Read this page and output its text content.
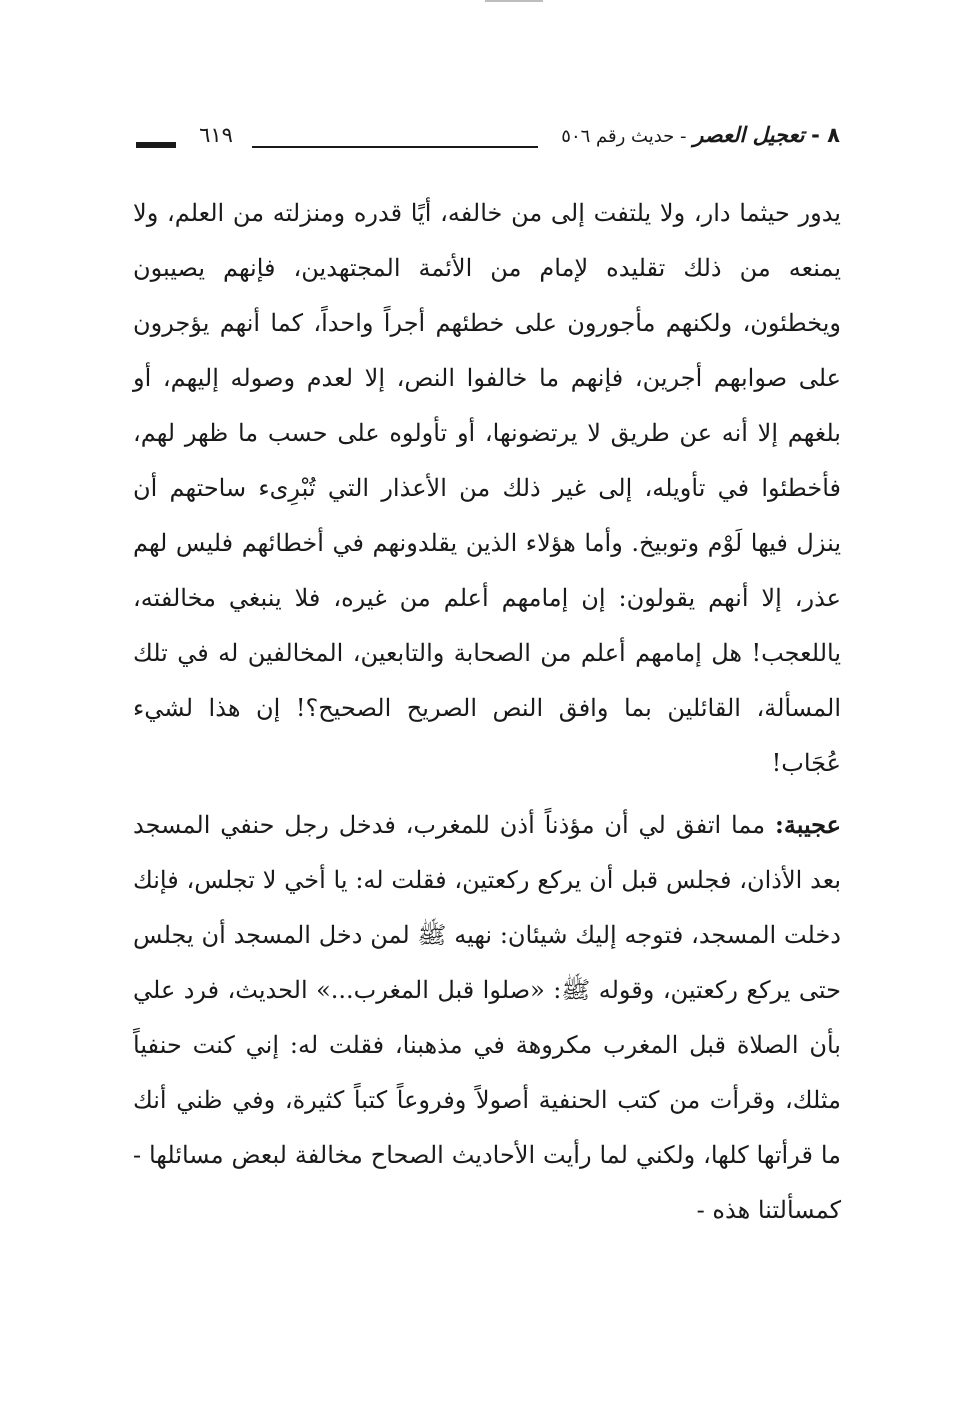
٨ - تعجيل العصر - حديث رقم ٥٠٦
٦١٩

يدور حيثما دار، ولا يلتفت إلى من خالفه، أيًا قدره ومنزلته من العلم، ولا يمنعه من ذلك تقليده لإمام من الأئمة المجتهدين، فإنهم يصيبون ويخطئون، ولكنهم مأجورون على خطئهم أجراً واحداً، كما أنهم يؤجرون على صوابهم أجرين، فإنهم ما خالفوا النص، إلا لعدم وصوله إليهم، أو بلغهم إلا أنه عن طريق لا يرتضونها، أو تأولوه على حسب ما ظهر لهم، فأخطئوا في تأويله، إلى غير ذلك من الأعذار التي تُبْرِىء ساحتهم أن ينزل فيها لَوْم وتوبيخ. وأما هؤلاء الذين يقلدونهم في أخطائهم فليس لهم عذر، إلا أنهم يقولون: إن إمامهم أعلم من غيره، فلا ينبغي مخالفته، ياللعجب! هل إمامهم أعلم من الصحابة والتابعين، المخالفين له في تلك المسألة، القائلين بما وافق النص الصريح الصحيح؟! إن هذا لشيء عُجَاب!

عجيبة: مما اتفق لي أن مؤذناً أذن للمغرب، فدخل رجل حنفي المسجد بعد الأذان، فجلس قبل أن يركع ركعتين، فقلت له: يا أخي لا تجلس، فإنك دخلت المسجد، فتوجه إليك شيئان: نهيه ﷺ لمن دخل المسجد أن يجلس حتى يركع ركعتين، وقوله ﷺ: «صلوا قبل المغرب...» الحديث، فرد علي بأن الصلاة قبل المغرب مكروهة في مذهبنا، فقلت له: إني كنت حنفياً مثلك، وقرأت من كتب الحنفية أصولاً وفروعاً كتباً كثيرة، وفي ظني أنك ما قرأتها كلها، ولكني لما رأيت الأحاديث الصحاح مخالفة لبعض مسائلها - كمسألتنا هذه -
